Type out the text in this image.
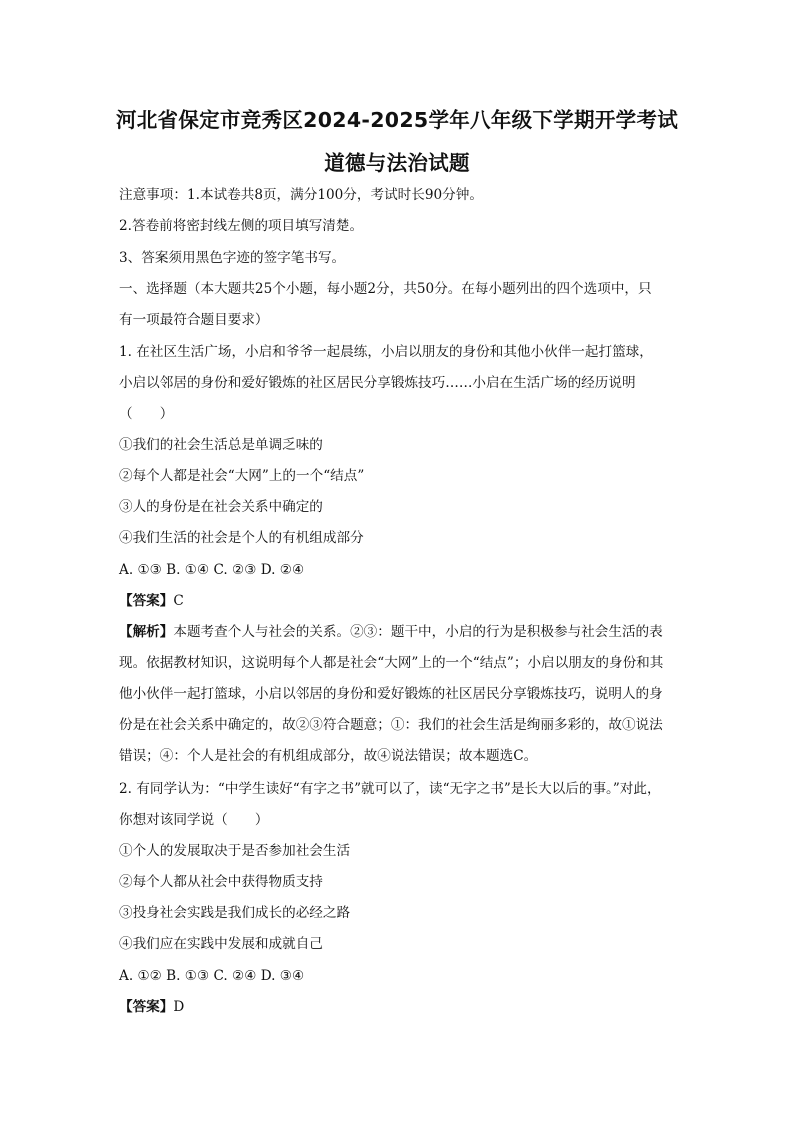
河北省保定市竞秀区2024-2025学年八年级下学期开学考试
道德与法治试题
注意事项：1.本试卷共8页，满分100分，考试时长90分钟。
2.答卷前将密封线左侧的项目填写清楚。
3、答案须用黑色字迹的签字笔书写。
一、选择题（本大题共25个小题，每小题2分，共50分。在每小题列出的四个选项中，只
有一项最符合题目要求）
1. 在社区生活广场，小启和爷爷一起晨练，小启以朋友的身份和其他小伙伴一起打篮球，
小启以邻居的身份和爱好锻炼的社区居民分享锻炼技巧……小启在生活广场的经历说明
（　　）
①我们的社会生活总是单调乏味的
②每个人都是社会“大网”上的一个“结点”
③人的身份是在社会关系中确定的
④我们生活的社会是个人的有机组成部分
A. ①③ B. ①④ C. ②③ D. ②④
【答案】C
【解析】本题考查个人与社会的关系。②③：题干中，小启的行为是积极参与社会生活的表
现。依据教材知识，这说明每个人都是社会“大网”上的一个“结点”；小启以朋友的身份和其
他小伙伴一起打篮球，小启以邻居的身份和爱好锻炼的社区居民分享锻炼技巧，说明人的身
份是在社会关系中确定的，故②③符合题意；①：我们的社会生活是绚丽多彩的，故①说法
错误；④：个人是社会的有机组成部分，故④说法错误；故本题选C。
2. 有同学认为：“中学生读好“有字之书”就可以了，读“无字之书”是长大以后的事。”对此，
你想对该同学说（　　）
①个人的发展取决于是否参加社会生活
②每个人都从社会中获得物质支持
③投身社会实践是我们成长的必经之路
④我们应在实践中发展和成就自己
A. ①② B. ①③ C. ②④ D. ③④
【答案】D
